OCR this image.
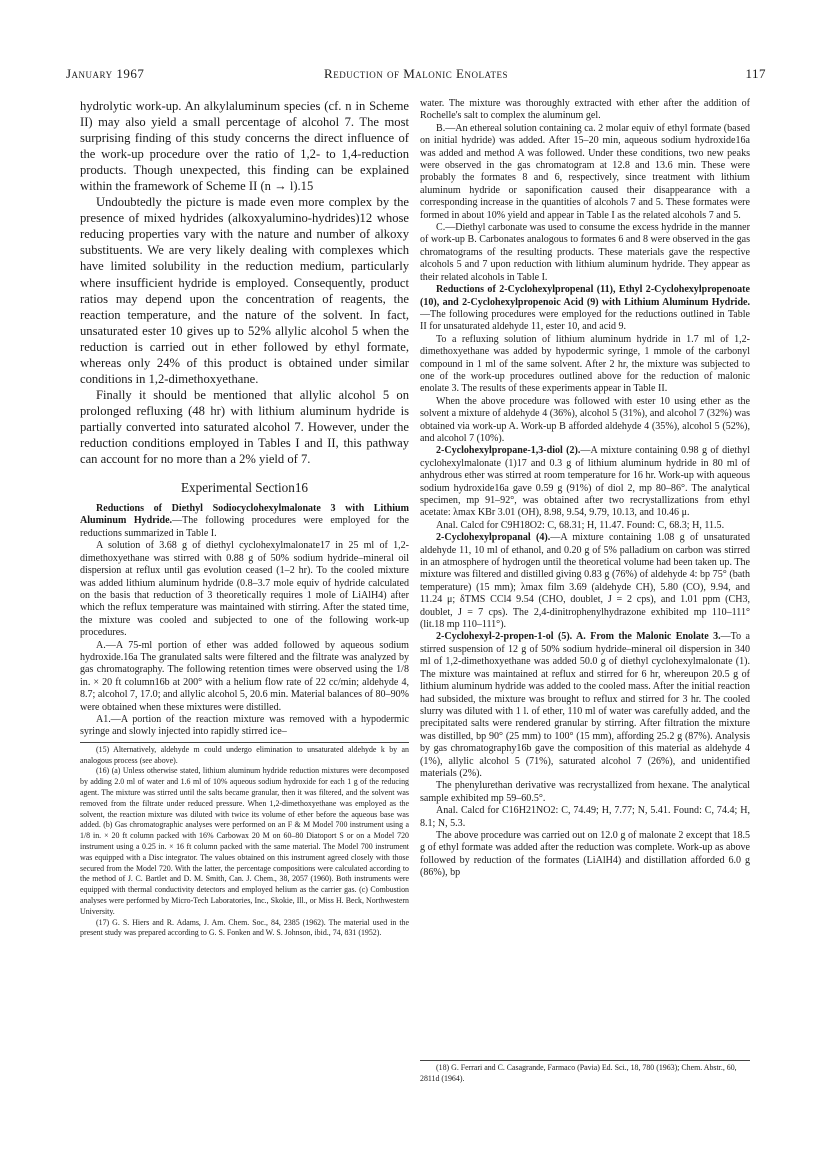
January 1967	Reduction of Malonic Enolates	117

hydrolytic work-up. An alkylaluminum species (cf. n in Scheme II) may also yield a small percentage of alcohol 7. The most surprising finding of this study concerns the direct influence of the work-up procedure over the ratio of 1,2- to 1,4-reduction products. Though unexpected, this finding can be explained within the framework of Scheme II (n → l).15

Undoubtedly the picture is made even more complex by the presence of mixed hydrides (alkoxyalumino-hydrides)12 whose reducing properties vary with the nature and number of alkoxy substituents. We are very likely dealing with complexes which have limited solubility in the reduction medium, particularly where insufficient hydride is employed. Consequently, product ratios may depend upon the concentration of reagents, the reaction temperature, and the nature of the solvent. In fact, unsaturated ester 10 gives up to 52% allylic alcohol 5 when the reduction is carried out in ether followed by ethyl formate, whereas only 24% of this product is obtained under similar conditions in 1,2-dimethoxyethane.

Finally it should be mentioned that allylic alcohol 5 on prolonged refluxing (48 hr) with lithium aluminum hydride is partially converted into saturated alcohol 7. However, under the reduction conditions employed in Tables I and II, this pathway can account for no more than a 2% yield of 7.

Experimental Section16

Reductions of Diethyl Sodiocyclohexylmalonate 3 with Lithium Aluminum Hydride.—The following procedures were employed for the reductions summarized in Table I.

A solution of 3.68 g of diethyl cyclohexylmalonate17 in 25 ml of 1,2-dimethoxyethane was stirred with 0.88 g of 50% sodium hydride–mineral oil dispersion at reflux until gas evolution ceased (1–2 hr). To the cooled mixture was added lithium aluminum hydride (0.8–3.7 mole equiv of hydride calculated on the basis that reduction of 3 theoretically requires 1 mole of LiAlH4) after which the reflux temperature was maintained with stirring. After the stated time, the mixture was cooled and subjected to one of the following work-up procedures.

A.—A 75-ml portion of ether was added followed by aqueous sodium hydroxide.16a The granulated salts were filtered and the filtrate was analyzed by gas chromatography. The following retention times were observed using the 1/8 in. × 20 ft column16b at 200° with a helium flow rate of 22 cc/min; aldehyde 4, 8.7; alcohol 7, 17.0; and allylic alcohol 5, 20.6 min. Material balances of 80–90% were obtained when these mixtures were distilled.

A1.—A portion of the reaction mixture was removed with a hypodermic syringe and slowly injected into rapidly stirred ice–

(15) Alternatively, aldehyde m could undergo elimination to unsaturated aldehyde k by an analogous process (see above).

(16) (a) Unless otherwise stated, lithium aluminum hydride reduction mixtures were decomposed by adding 2.0 ml of water and 1.6 ml of 10% aqueous sodium hydroxide for each 1 g of the reducing agent. The mixture was stirred until the salts became granular, then it was filtered, and the solvent was removed from the filtrate under reduced pressure. When 1,2-dimethoxyethane was employed as the solvent, the reaction mixture was diluted with twice its volume of ether before the aqueous base was added. (b) Gas chromatographic analyses were performed on an F & M Model 700 instrument using a 1/8 in. × 20 ft column packed with 16% Carbowax 20 M on 60–80 Diatoport S or on a Model 720 instrument using a 0.25 in. × 16 ft column packed with the same material. The Model 700 instrument was equipped with a Disc integrator. The values obtained on this instrument agreed closely with those secured from the Model 720. With the latter, the percentage compositions were calculated according to the method of J. C. Bartlet and D. M. Smith, Can. J. Chem., 38, 2057 (1960). Both instruments were equipped with thermal conductivity detectors and employed helium as the carrier gas. (c) Combustion analyses were performed by Micro-Tech Laboratories, Inc., Skokie, Ill., or Miss H. Beck, Northwestern University.

(17) G. S. Hiers and R. Adams, J. Am. Chem. Soc., 84, 2385 (1962). The material used in the present study was prepared according to G. S. Fonken and W. S. Johnson, ibid., 74, 831 (1952).

water. The mixture was thoroughly extracted with ether after the addition of Rochelle's salt to complex the aluminum gel.

B.—An ethereal solution containing ca. 2 molar equiv of ethyl formate (based on initial hydride) was added. After 15–20 min, aqueous sodium hydroxide16a was added and method A was followed. Under these conditions, two new peaks were observed in the gas chromatogram at 12.8 and 13.6 min. These were probably the formates 8 and 6, respectively, since treatment with lithium aluminum hydride or saponification caused their disappearance with a corresponding increase in the quantities of alcohols 7 and 5. These formates were formed in about 10% yield and appear in Table I as the related alcohols 7 and 5.

C.—Diethyl carbonate was used to consume the excess hydride in the manner of work-up B. Carbonates analogous to formates 6 and 8 were observed in the gas chromatograms of the resulting products. These materials gave the respective alcohols 5 and 7 upon reduction with lithium aluminum hydride. They appear as their related alcohols in Table I.

Reductions of 2-Cyclohexylpropenal (11), Ethyl 2-Cyclohexylpropenoate (10), and 2-Cyclohexylpropenoic Acid (9) with Lithium Aluminum Hydride.—The following procedures were employed for the reductions outlined in Table II for unsaturated aldehyde 11, ester 10, and acid 9.

To a refluxing solution of lithium aluminum hydride in 1.7 ml of 1,2-dimethoxyethane was added by hypodermic syringe, 1 mmole of the carbonyl compound in 1 ml of the same solvent. After 2 hr, the mixture was subjected to one of the work-up procedures outlined above for the reduction of malonic enolate 3. The results of these experiments appear in Table II.

When the above procedure was followed with ester 10 using ether as the solvent a mixture of aldehyde 4 (36%), alcohol 5 (31%), and alcohol 7 (32%) was obtained via work-up A. Work-up B afforded aldehyde 4 (35%), alcohol 5 (52%), and alcohol 7 (10%).

2-Cyclohexylpropane-1,3-diol (2).—A mixture containing 0.98 g of diethyl cyclohexylmalonate (1)17 and 0.3 g of lithium aluminum hydride in 80 ml of anhydrous ether was stirred at room temperature for 16 hr. Work-up with aqueous sodium hydroxide16a gave 0.59 g (91%) of diol 2, mp 80–86°. The analytical specimen, mp 91–92°, was obtained after two recrystallizations from ethyl acetate: λmax KBr 3.01 (OH), 8.98, 9.54, 9.79, 10.13, and 10.46 μ.

Anal. Calcd for C9H18O2: C, 68.31; H, 11.47. Found: C, 68.3; H, 11.5.

2-Cyclohexylpropanal (4).—A mixture containing 1.08 g of unsaturated aldehyde 11, 10 ml of ethanol, and 0.20 g of 5% palladium on carbon was stirred in an atmosphere of hydrogen until the theoretical volume had been taken up. The mixture was filtered and distilled giving 0.83 g (76%) of aldehyde 4: bp 75° (bath temperature) (15 mm); λmax film 3.69 (aldehyde CH), 5.80 (CO), 9.94, and 11.24 μ; δTMS CCl4 9.54 (CHO, doublet, J = 2 cps), and 1.01 ppm (CH3, doublet, J = 7 cps). The 2,4-dinitrophenylhydrazone exhibited mp 110–111° (lit.18 mp 110–111°).

2-Cyclohexyl-2-propen-1-ol (5). A. From the Malonic Enolate 3.—To a stirred suspension of 12 g of 50% sodium hydride–mineral oil dispersion in 340 ml of 1,2-dimethoxyethane was added 50.0 g of diethyl cyclohexylmalonate (1). The mixture was maintained at reflux and stirred for 6 hr, whereupon 20.5 g of lithium aluminum hydride was added to the cooled mass. After the initial reaction had subsided, the mixture was brought to reflux and stirred for 3 hr. The cooled slurry was diluted with 1 l. of ether, 110 ml of water was carefully added, and the precipitated salts were rendered granular by stirring. After filtration the mixture was distilled, bp 90° (25 mm) to 100° (15 mm), affording 25.2 g (87%). Analysis by gas chromatography16b gave the composition of this material as aldehyde 4 (1%), allylic alcohol 5 (71%), saturated alcohol 7 (26%), and unidentified materials (2%).

The phenylurethan derivative was recrystallized from hexane. The analytical sample exhibited mp 59–60.5°.

Anal. Calcd for C16H21NO2: C, 74.49; H, 7.77; N, 5.41. Found: C, 74.4; H, 8.1; N, 5.3.

The above procedure was carried out on 12.0 g of malonate 2 except that 18.5 g of ethyl formate was added after the reduction was complete. Work-up as above followed by reduction of the formates (LiAlH4) and distillation afforded 6.0 g (86%), bp

(18) G. Ferrari and C. Casagrande, Farmaco (Pavia) Ed. Sci., 18, 780 (1963); Chem. Abstr., 60, 2811d (1964).
